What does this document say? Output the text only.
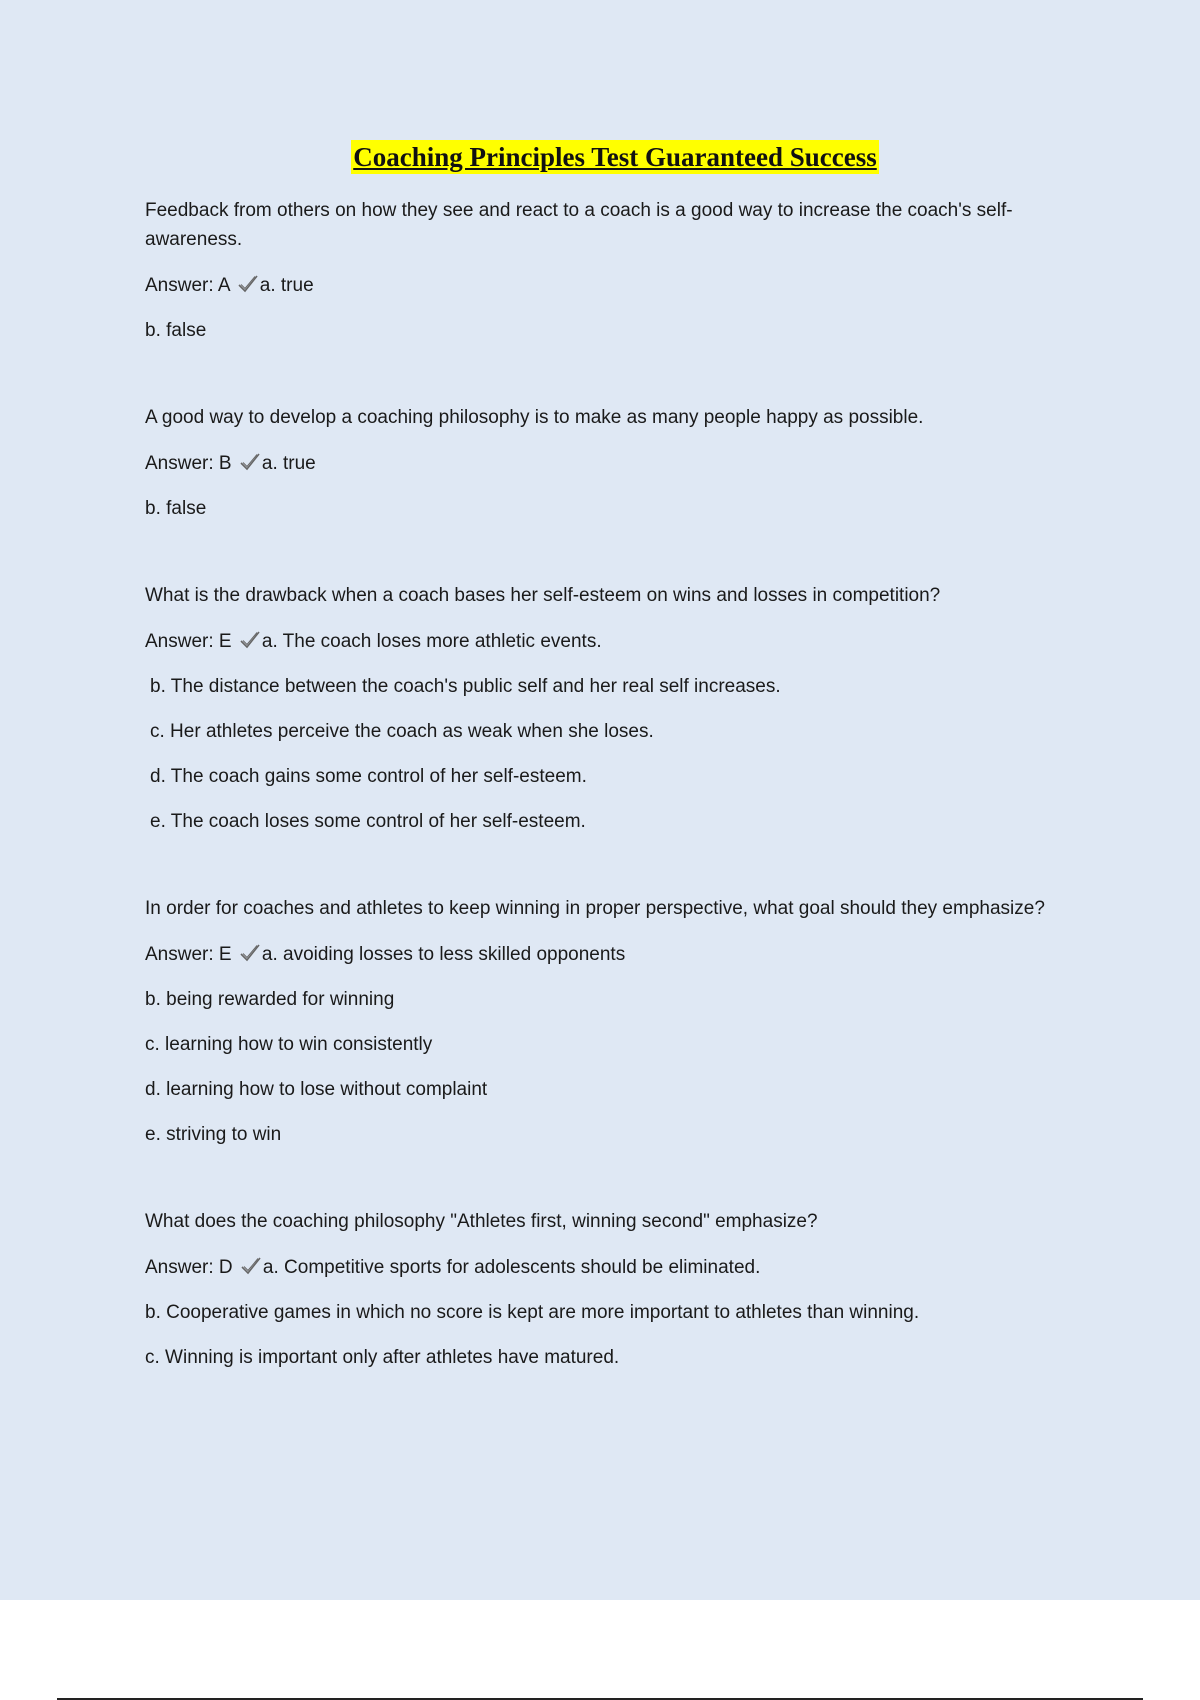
Coaching Principles Test Guaranteed Success

Feedback from others on how they see and react to a coach is a good way to increase the coach's self-awareness.

Answer: A a. true

b. false

A good way to develop a coaching philosophy is to make as many people happy as possible.

Answer: B a. true

b. false

What is the drawback when a coach bases her self-esteem on wins and losses in competition?

Answer: E a. The coach loses more athletic events.

b. The distance between the coach's public self and her real self increases.

c. Her athletes perceive the coach as weak when she loses.

d. The coach gains some control of her self-esteem.

e. The coach loses some control of her self-esteem.

In order for coaches and athletes to keep winning in proper perspective, what goal should they emphasize?

Answer: E a. avoiding losses to less skilled opponents

b. being rewarded for winning

c. learning how to win consistently

d. learning how to lose without complaint

e. striving to win

What does the coaching philosophy "Athletes first, winning second" emphasize?

Answer: D a. Competitive sports for adolescents should be eliminated.

b. Cooperative games in which no score is kept are more important to athletes than winning.

c. Winning is important only after athletes have matured.
